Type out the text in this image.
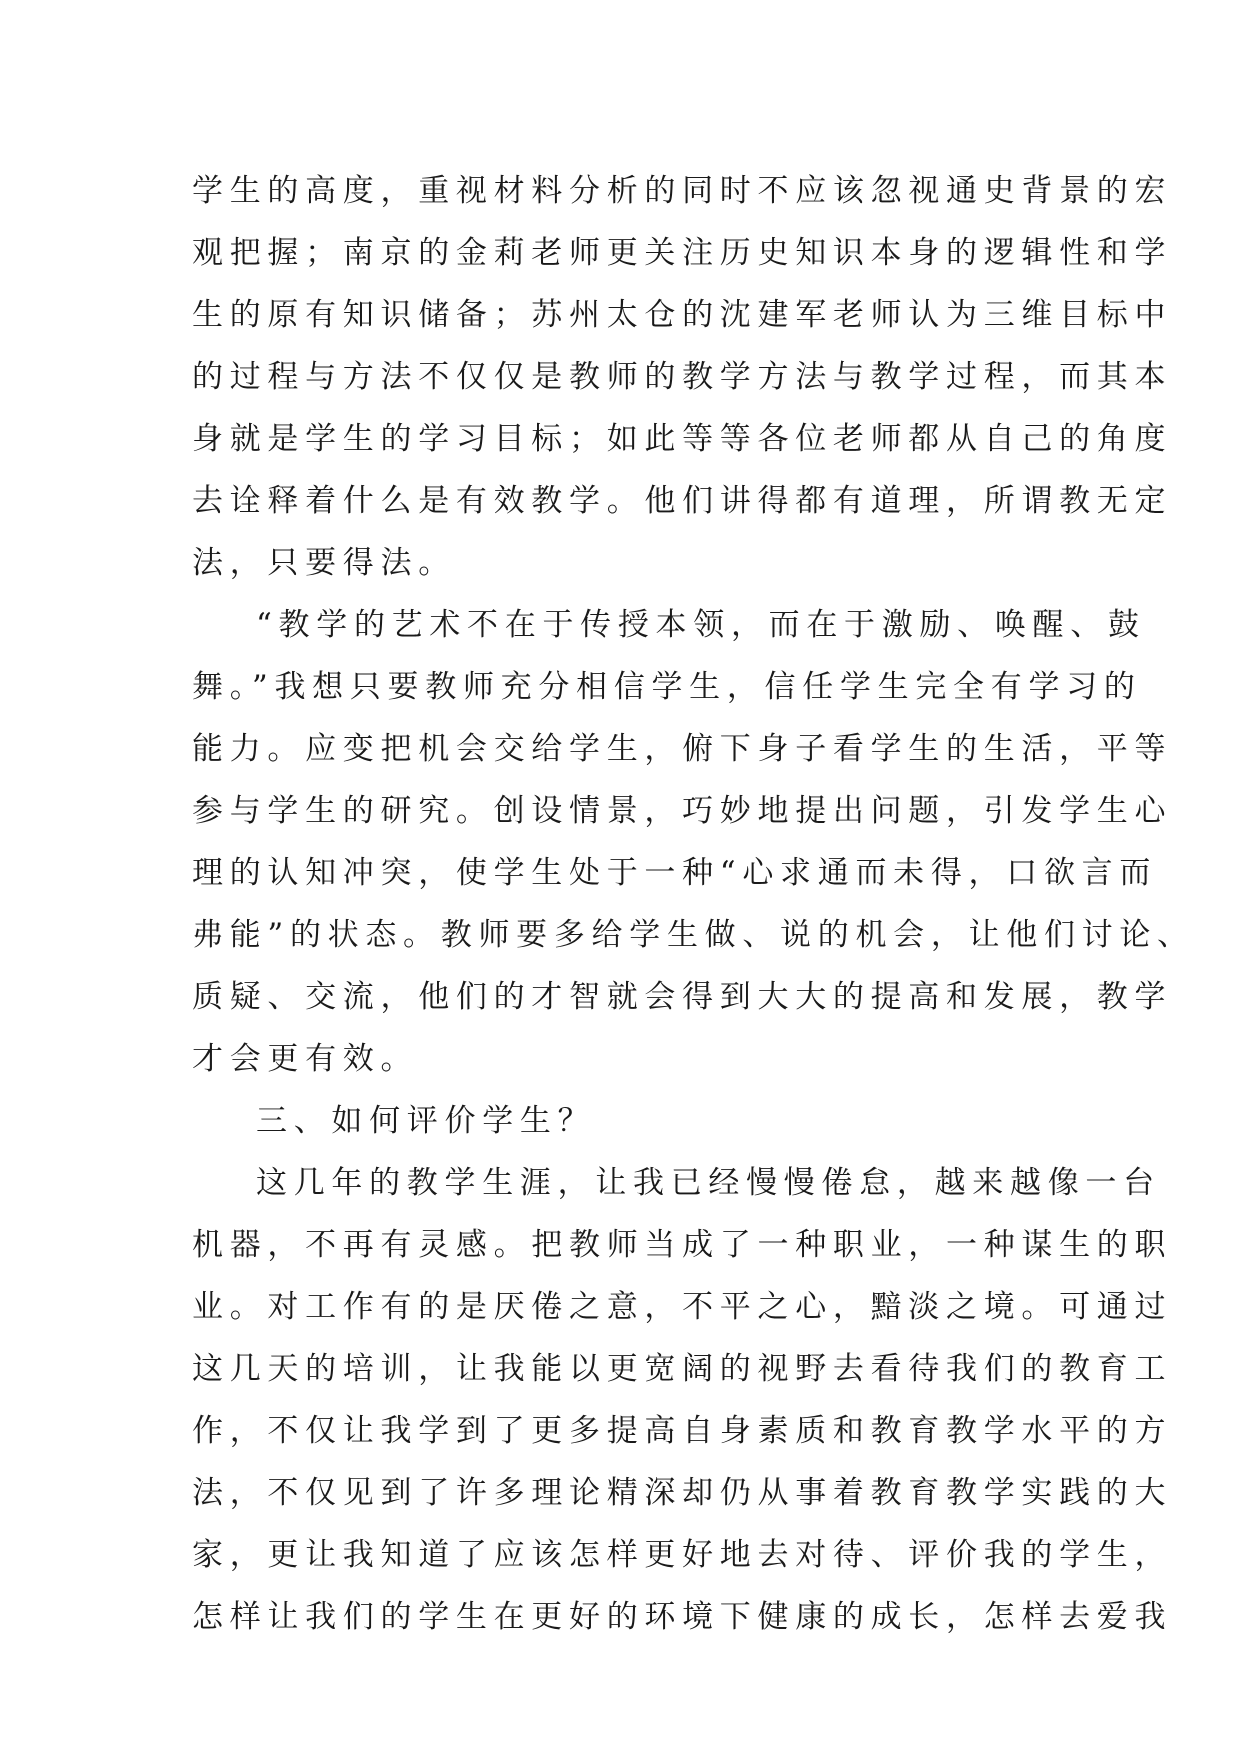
学生的高度，重视材料分析的同时不应该忽视通史背景的宏
观把握；南京的金莉老师更关注历史知识本身的逻辑性和学
生的原有知识储备；苏州太仓的沈建军老师认为三维目标中
的过程与方法不仅仅是教师的教学方法与教学过程，而其本
身就是学生的学习目标；如此等等各位老师都从自己的角度
去诠释着什么是有效教学。他们讲得都有道理，所谓教无定
法，只要得法。
“教学的艺术不在于传授本领，而在于激励、唤醒、鼓
舞。”我想只要教师充分相信学生，信任学生完全有学习的
能力。应变把机会交给学生，俯下身子看学生的生活，平等
参与学生的研究。创设情景，巧妙地提出问题，引发学生心
理的认知冲突，使学生处于一种“心求通而未得，口欲言而
弗能”的状态。教师要多给学生做、说的机会，让他们讨论、
质疑、交流，他们的才智就会得到大大的提高和发展，教学
才会更有效。
三、如何评价学生？
这几年的教学生涯，让我已经慢慢倦怠，越来越像一台
机器，不再有灵感。把教师当成了一种职业，一种谋生的职
业。对工作有的是厌倦之意，不平之心，黯淡之境。可通过
这几天的培训，让我能以更宽阔的视野去看待我们的教育工
作，不仅让我学到了更多提高自身素质和教育教学水平的方
法，不仅见到了许多理论精深却仍从事着教育教学实践的大
家，更让我知道了应该怎样更好地去对待、评价我的学生，
怎样让我们的学生在更好的环境下健康的成长，怎样去爱我
